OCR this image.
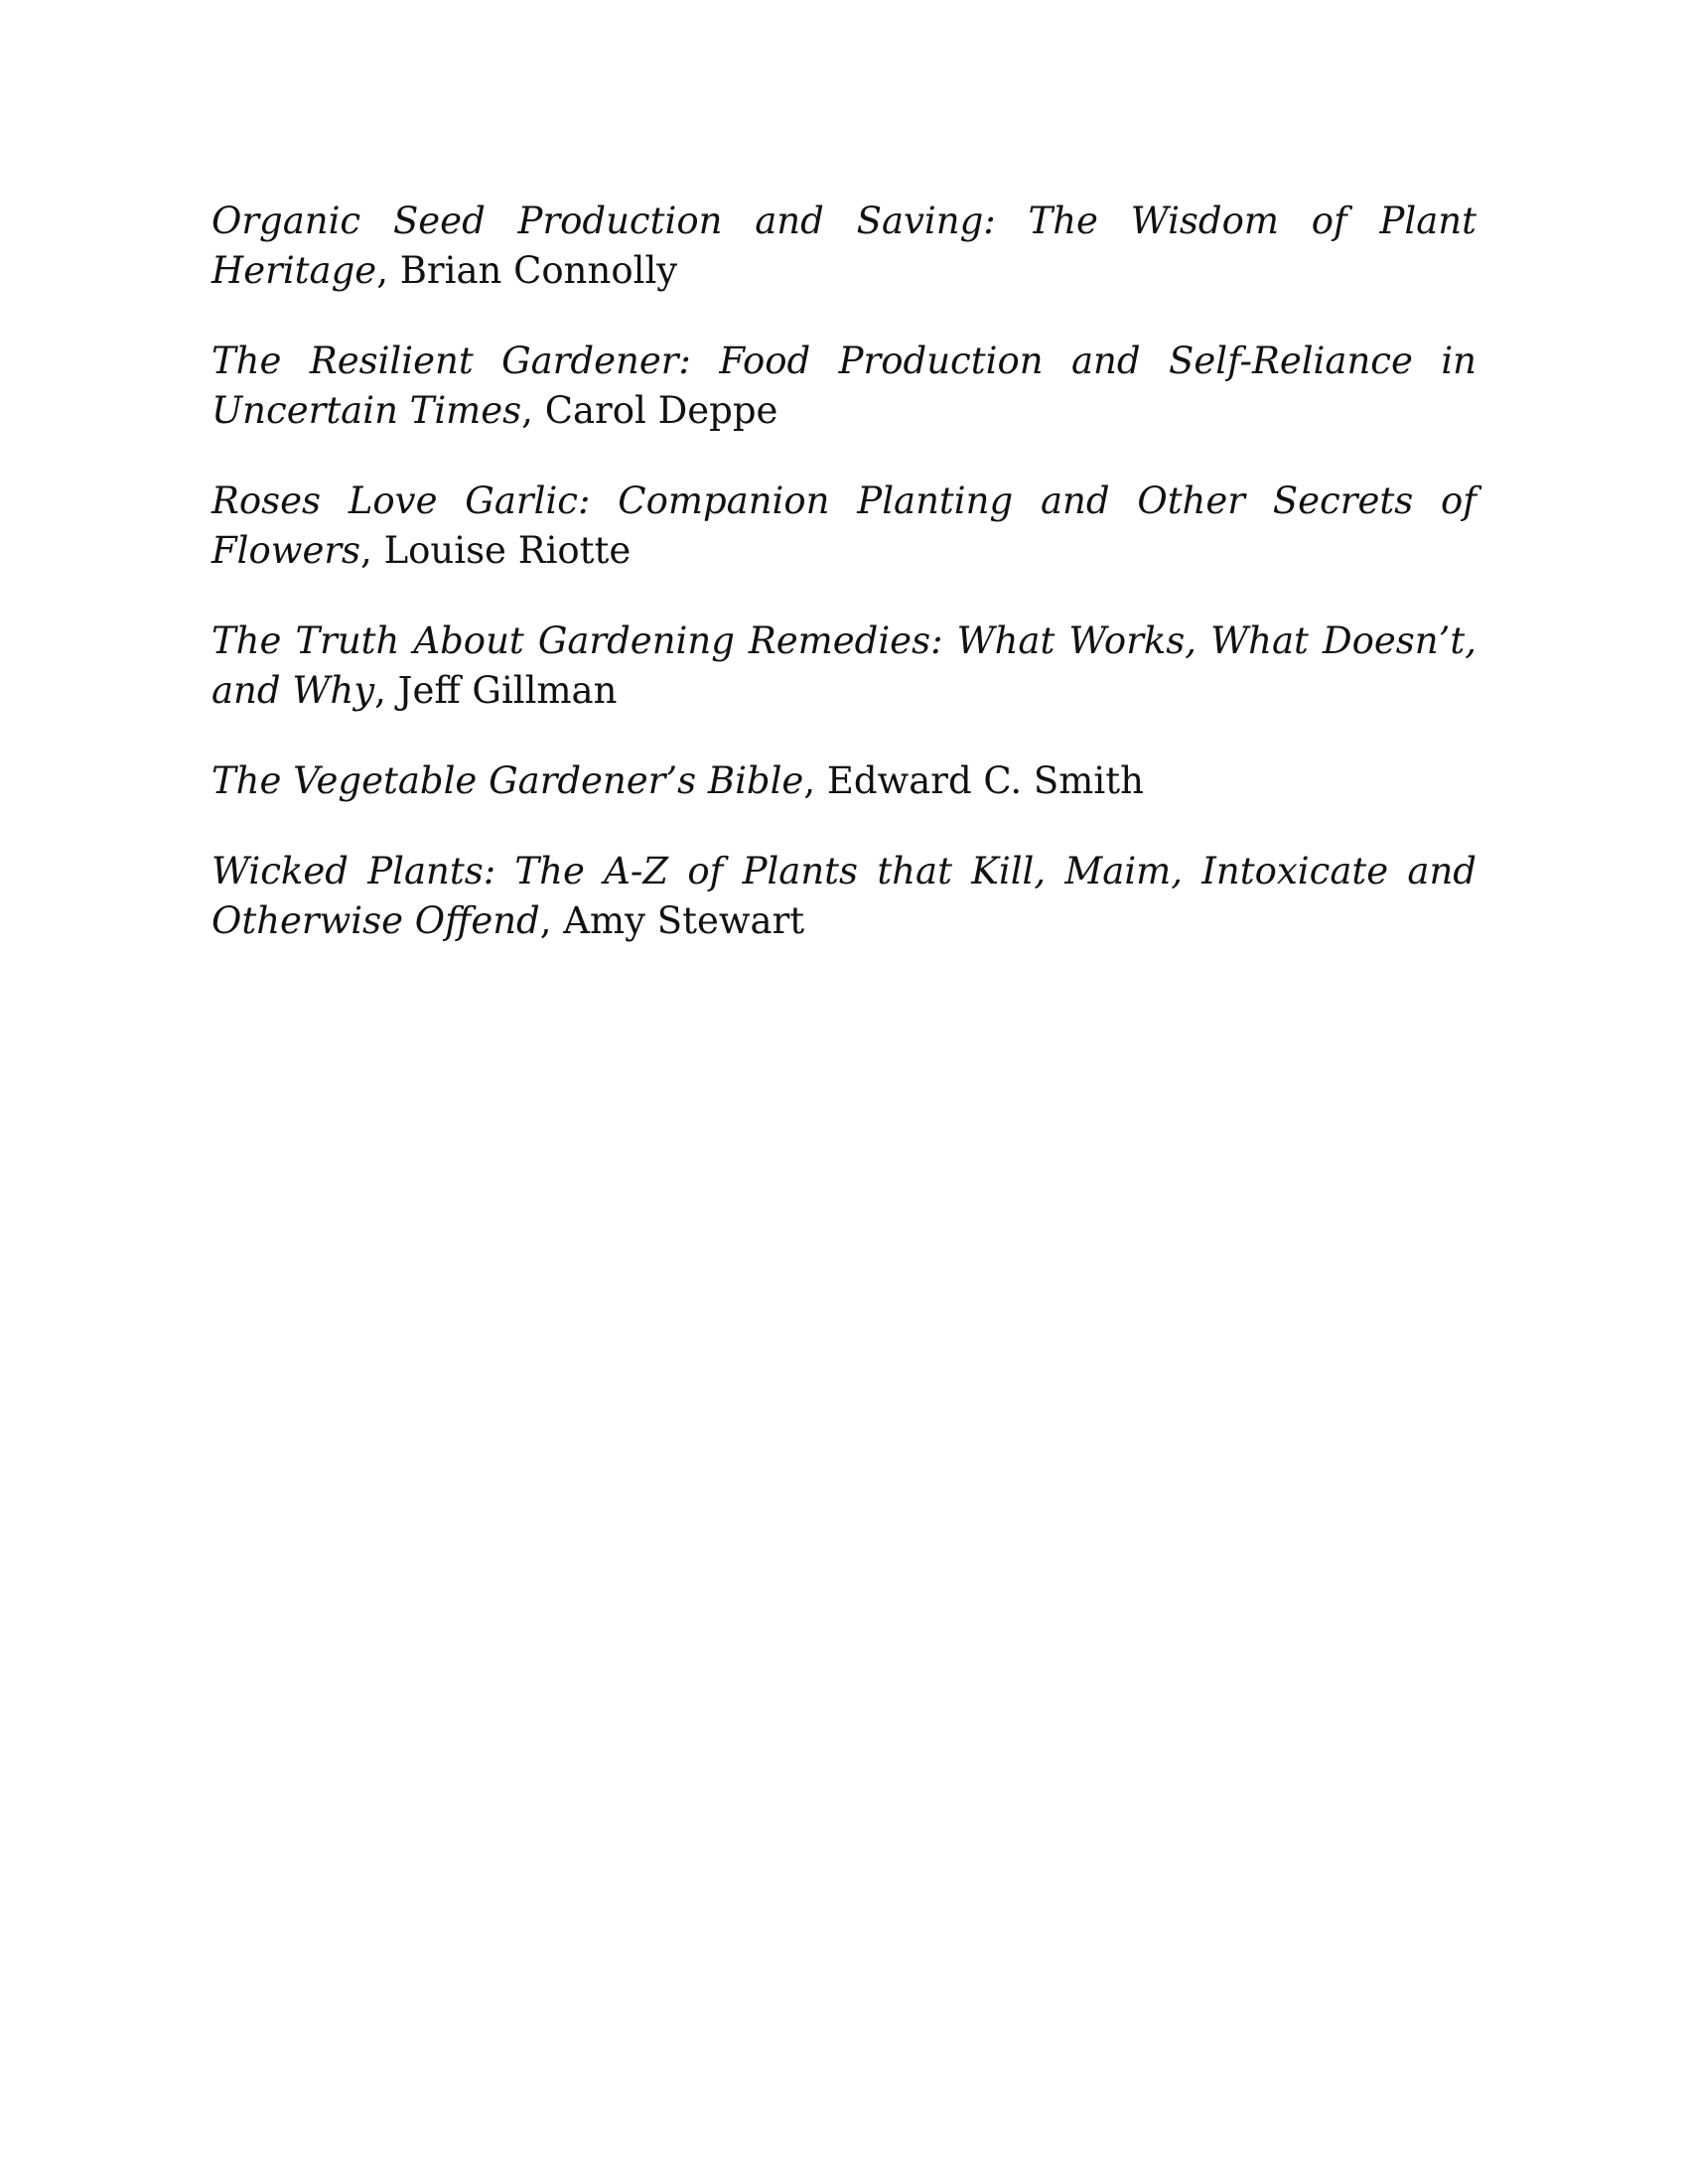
Organic Seed Production and Saving: The Wisdom of Plant Heritage, Brian Connolly
The Resilient Gardener: Food Production and Self-Reliance in Uncertain Times, Carol Deppe
Roses Love Garlic: Companion Planting and Other Secrets of Flowers, Louise Riotte
The Truth About Gardening Remedies: What Works, What Doesn’t, and Why, Jeff Gillman
The Vegetable Gardener’s Bible, Edward C. Smith
Wicked Plants: The A-Z of Plants that Kill, Maim, Intoxicate and Otherwise Offend, Amy Stewart
